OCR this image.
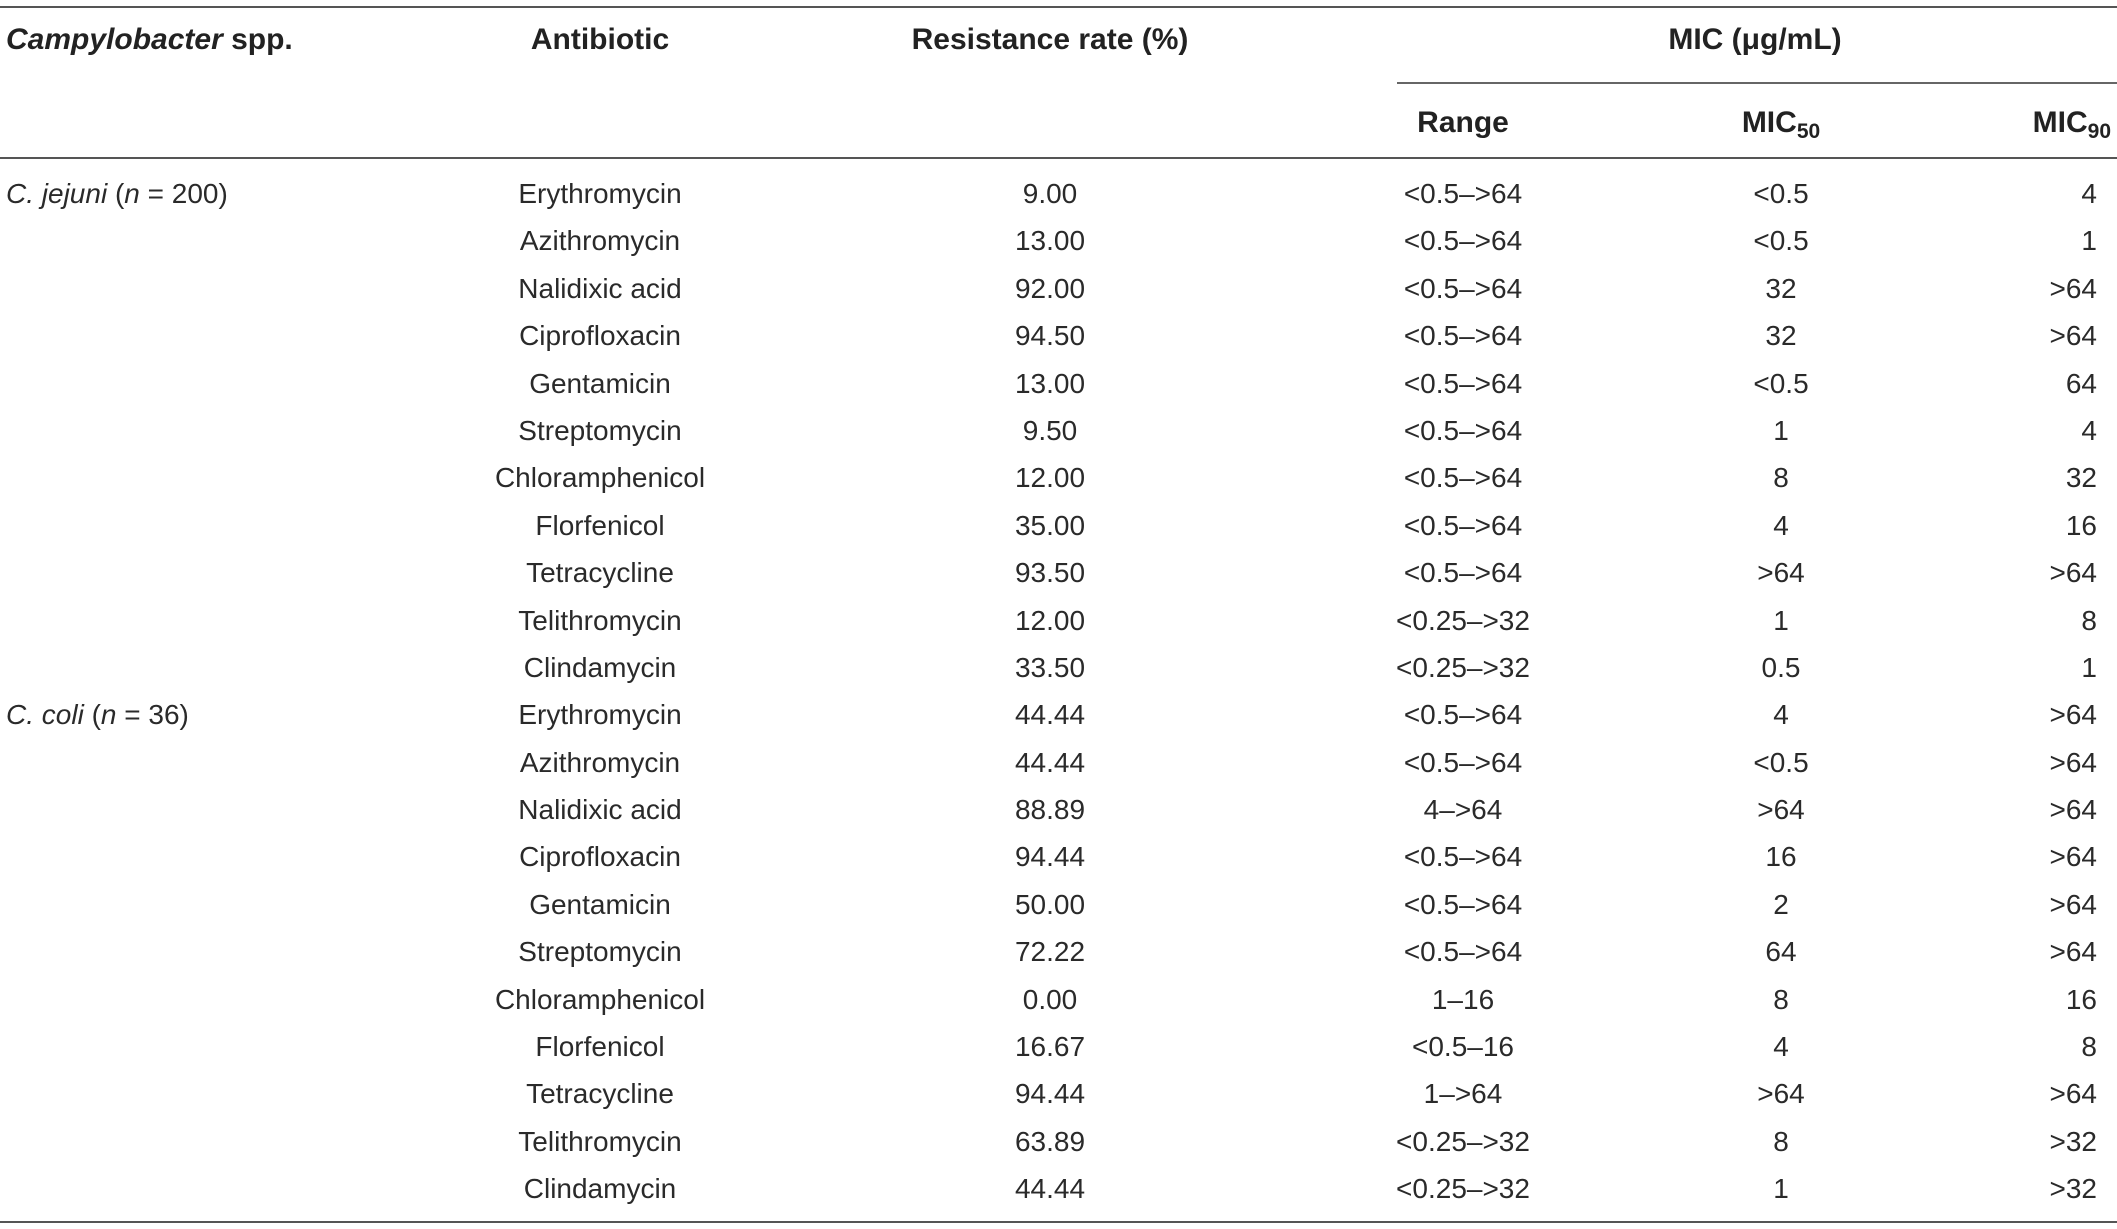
Campylobacter spp.	Antibiotic	Resistance rate (%)	MIC (μg/mL)
Range	$MIC_{50}$	$MIC_{90}$
C. jejuni (n = 200)	Erythromycin	9.00	<0.5–>64	<0.5	4
Azithromycin	13.00	<0.5–>64	<0.5	1
Nalidixic acid	92.00	<0.5–>64	32	>64
Ciprofloxacin	94.50	<0.5–>64	32	>64
Gentamicin	13.00	<0.5–>64	<0.5	64
Streptomycin	9.50	<0.5–>64	1	4
Chloramphenicol	12.00	<0.5–>64	8	32
Florfenicol	35.00	<0.5–>64	4	16
Tetracycline	93.50	<0.5–>64	>64	>64
Telithromycin	12.00	<0.25–>32	1	8
Clindamycin	33.50	<0.25–>32	0.5	1
C. coli (n = 36)	Erythromycin	44.44	<0.5–>64	4	>64
Azithromycin	44.44	<0.5–>64	<0.5	>64
Nalidixic acid	88.89	4–>64	>64	>64
Ciprofloxacin	94.44	<0.5–>64	16	>64
Gentamicin	50.00	<0.5–>64	2	>64
Streptomycin	72.22	<0.5–>64	64	>64
Chloramphenicol	0.00	1–16	8	16
Florfenicol	16.67	<0.5–16	4	8
Tetracycline	94.44	1–>64	>64	>64
Telithromycin	63.89	<0.25–>32	8	>32
Clindamycin	44.44	<0.25–>32	1	>32
